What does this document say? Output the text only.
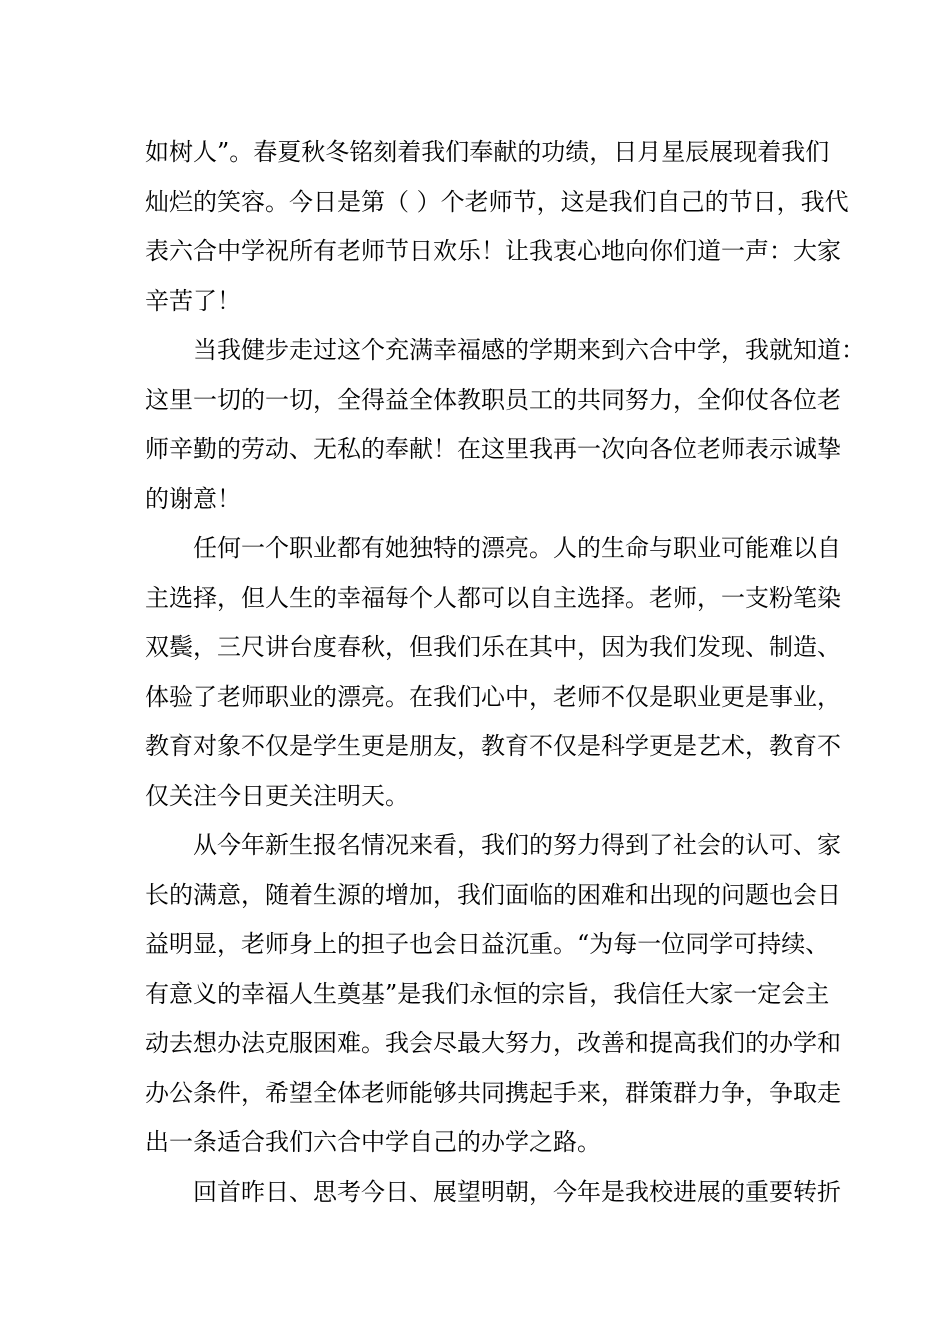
如树人”。春夏秋冬铭刻着我们奉献的功绩，日月星辰展现着我们

灿烂的笑容。今日是第（ ）个老师节，这是我们自己的节日，我代

表六合中学祝所有老师节日欢乐！让我衷心地向你们道一声：大家

辛苦了！

当我健步走过这个充满幸福感的学期来到六合中学，我就知道：

这里一切的一切，全得益全体教职员工的共同努力，全仰仗各位老

师辛勤的劳动、无私的奉献！在这里我再一次向各位老师表示诚挚

的谢意！

任何一个职业都有她独特的漂亮。人的生命与职业可能难以自

主选择，但人生的幸福每个人都可以自主选择。老师，一支粉笔染

双鬓，三尺讲台度春秋，但我们乐在其中，因为我们发现、制造、

体验了老师职业的漂亮。在我们心中，老师不仅是职业更是事业，

教育对象不仅是学生更是朋友，教育不仅是科学更是艺术，教育不

仅关注今日更关注明天。

从今年新生报名情况来看，我们的努力得到了社会的认可、家

长的满意，随着生源的增加，我们面临的困难和出现的问题也会日

益明显，老师身上的担子也会日益沉重。“为每一位同学可持续、

有意义的幸福人生奠基”是我们永恒的宗旨，我信任大家一定会主

动去想办法克服困难。我会尽最大努力，改善和提高我们的办学和

办公条件，希望全体老师能够共同携起手来，群策群力争，争取走

出一条适合我们六合中学自己的办学之路。

回首昨日、思考今日、展望明朝，今年是我校进展的重要转折
